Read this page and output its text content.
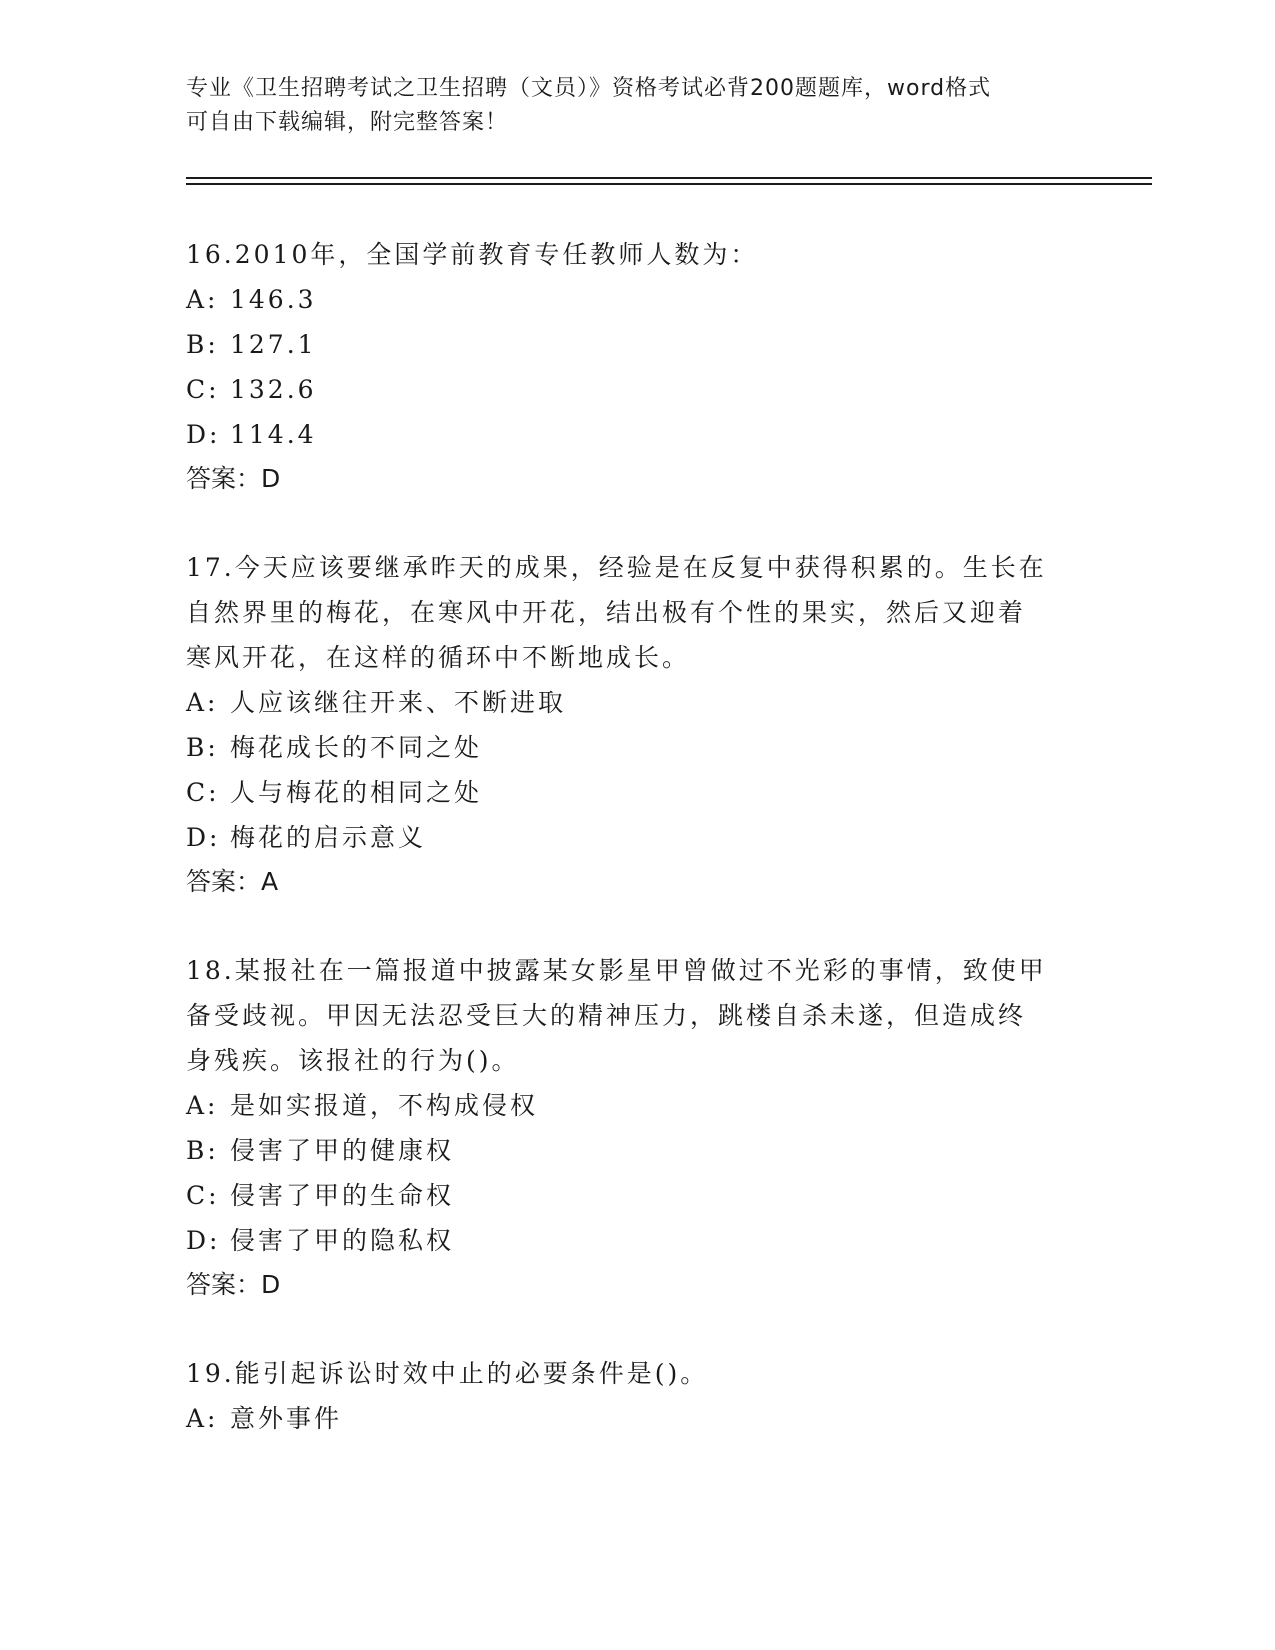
专业《卫生招聘考试之卫生招聘（文员）》资格考试必背200题题库，word格式
可自由下载编辑，附完整答案！

16.2010年，全国学前教育专任教师人数为：

A: 146.3

B: 127.1

C: 132.6

D: 114.4

答案：D

17.今天应该要继承昨天的成果，经验是在反复中获得积累的。生长在

自然界里的梅花，在寒风中开花，结出极有个性的果实，然后又迎着

寒风开花，在这样的循环中不断地成长。

A: 人应该继往开来、不断进取

B: 梅花成长的不同之处

C: 人与梅花的相同之处

D: 梅花的启示意义

答案：A

18.某报社在一篇报道中披露某女影星甲曾做过不光彩的事情，致使甲

备受歧视。甲因无法忍受巨大的精神压力，跳楼自杀未遂，但造成终

身残疾。该报社的行为()。

A: 是如实报道，不构成侵权

B: 侵害了甲的健康权

C: 侵害了甲的生命权

D: 侵害了甲的隐私权

答案：D

19.能引起诉讼时效中止的必要条件是()。

A: 意外事件
